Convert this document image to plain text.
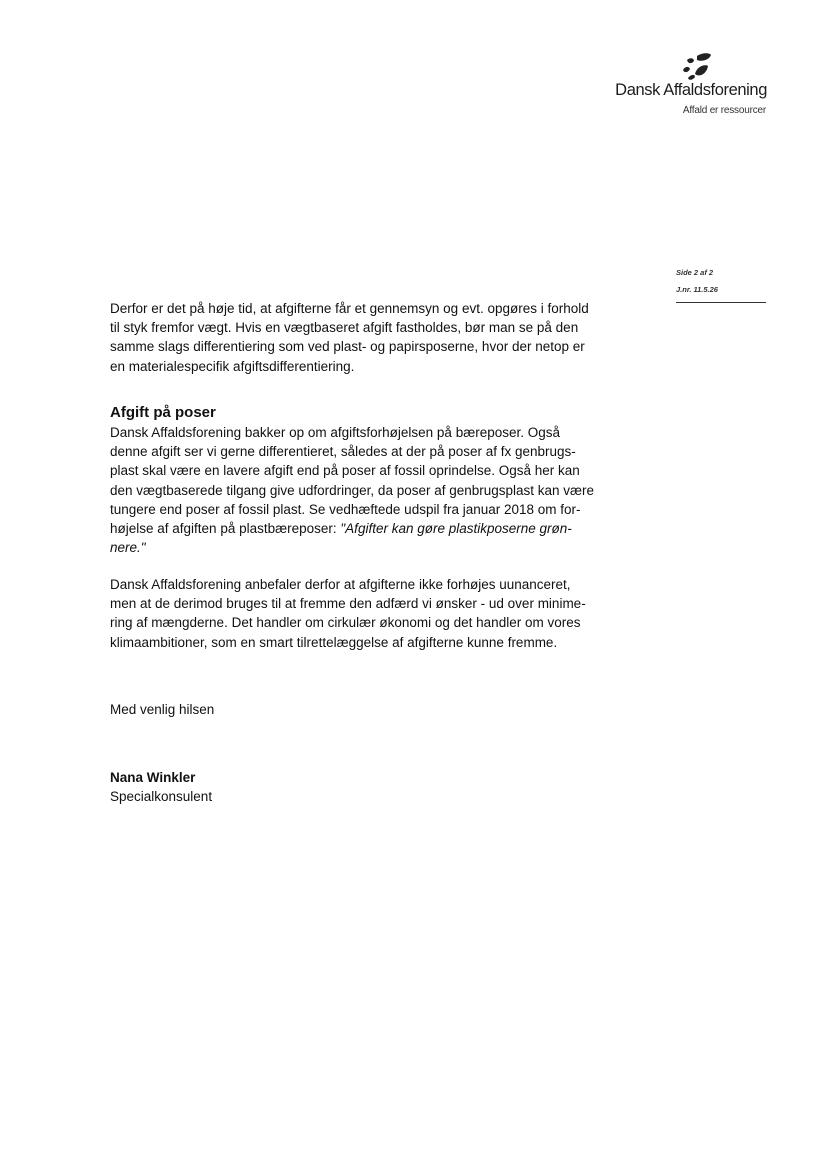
Dansk Affaldsforening
Affald er ressourcer
Side 2 af 2
J.nr. 11.5.26
Derfor er det på høje tid, at afgifterne får et gennemsyn og evt. opgøres i forhold
til styk fremfor vægt. Hvis en vægtbaseret afgift fastholdes, bør man se på den
samme slags differentiering som ved plast- og papirsposerne, hvor der netop er
en materialespecifik afgiftsdifferentiering.
Afgift på poser
Dansk Affaldsforening bakker op om afgiftsforhøjelsen på bæreposer. Også
denne afgift ser vi gerne differentieret, således at der på poser af fx genbrugs-
plast skal være en lavere afgift end på poser af fossil oprindelse. Også her kan
den vægtbaserede tilgang give udfordringer, da poser af genbrugsplast kan være
tungere end poser af fossil plast. Se vedhæftede udspil fra januar 2018 om for-
højelse af afgiften på plastbæreposer: "Afgifter kan gøre plastikposerne grøn-
nere."
Dansk Affaldsforening anbefaler derfor at afgifterne ikke forhøjes uunanceret,
men at de derimod bruges til at fremme den adfærd vi ønsker - ud over minime-
ring af mængderne. Det handler om cirkulær økonomi og det handler om vores
klimaambitioner, som en smart tilrettelæggelse af afgifterne kunne fremme.
Med venlig hilsen
Nana Winkler
Specialkonsulent
